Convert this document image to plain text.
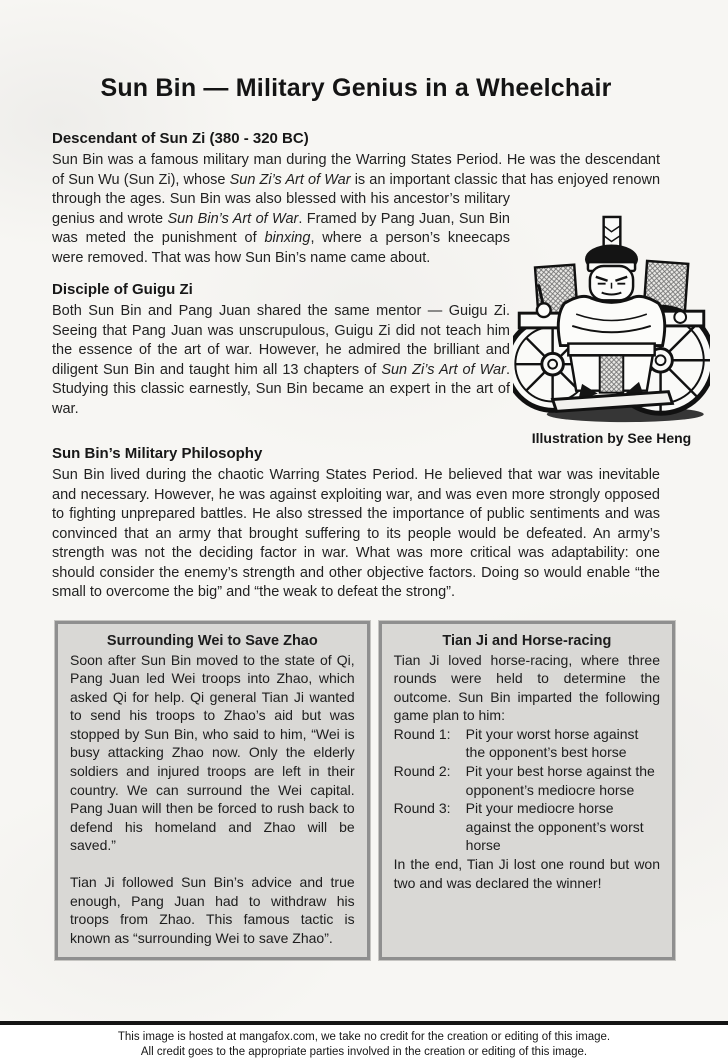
Sun Bin — Military Genius in a Wheelchair
Descendant of Sun Zi (380 - 320 BC)

Illustration by See Heng
Sun Bin was a famous military man during the Warring States Period. He was the descendant of Sun Wu (Sun Zi), whose Sun Zi’s Art of War is an important classic that has enjoyed renown through the ages. Sun Bin was also blessed with his ancestor’s military genius and wrote Sun Bin’s Art of War. Framed by Pang Juan, Sun Bin was meted the punishment of binxing, where a person’s kneecaps were removed. That was how Sun Bin’s name came about.

Disciple of Guigu Zi

Both Sun Bin and Pang Juan shared the same mentor — Guigu Zi. Seeing that Pang Juan was unscrupulous, Guigu Zi did not teach him the essence of the art of war. However, he admired the brilliant and diligent Sun Bin and taught him all 13 chapters of Sun Zi’s Art of War. Studying this classic earnestly, Sun Bin became an expert in the art of war.

Sun Bin’s Military Philosophy

Sun Bin lived during the chaotic Warring States Period. He believed that war was inevitable and necessary. However, he was against exploiting war, and was even more strongly opposed to fighting unprepared battles. He also stressed the importance of public sentiments and was convinced that an army that brought suffering to its people would be defeated. An army’s strength was not the deciding factor in war. What was more critical was adaptability: one should consider the enemy’s strength and other objective factors. Doing so would enable “the small to overcome the big” and “the weak to defeat the strong”.

Surrounding Wei to Save Zhao

Soon after Sun Bin moved to the state of Qi, Pang Juan led Wei troops into Zhao, which asked Qi for help. Qi general Tian Ji wanted to send his troops to Zhao’s aid but was stopped by Sun Bin, who said to him, “Wei is busy attacking Zhao now. Only the elderly soldiers and injured troops are left in their country. We can surround the Wei capital. Pang Juan will then be forced to rush back to defend his homeland and Zhao will be saved.”

Tian Ji followed Sun Bin’s advice and true enough, Pang Juan had to withdraw his troops from Zhao. This famous tactic is known as “surrounding Wei to save Zhao”.

Tian Ji and Horse-racing

Tian Ji loved horse-racing, where three rounds were held to determine the outcome. Sun Bin imparted the following game plan to him:

Round 1:	Pit your worst horse against the opponent’s best horse
Round 2:	Pit your best horse against the opponent’s mediocre horse
Round 3:	Pit your mediocre horse against the opponent’s worst horse
In the end, Tian Ji lost one round but won two and was declared the winner!
This image is hosted at mangafox.com, we take no credit for the creation or editing of this image.
All credit goes to the appropriate parties involved in the creation or editing of this image.
